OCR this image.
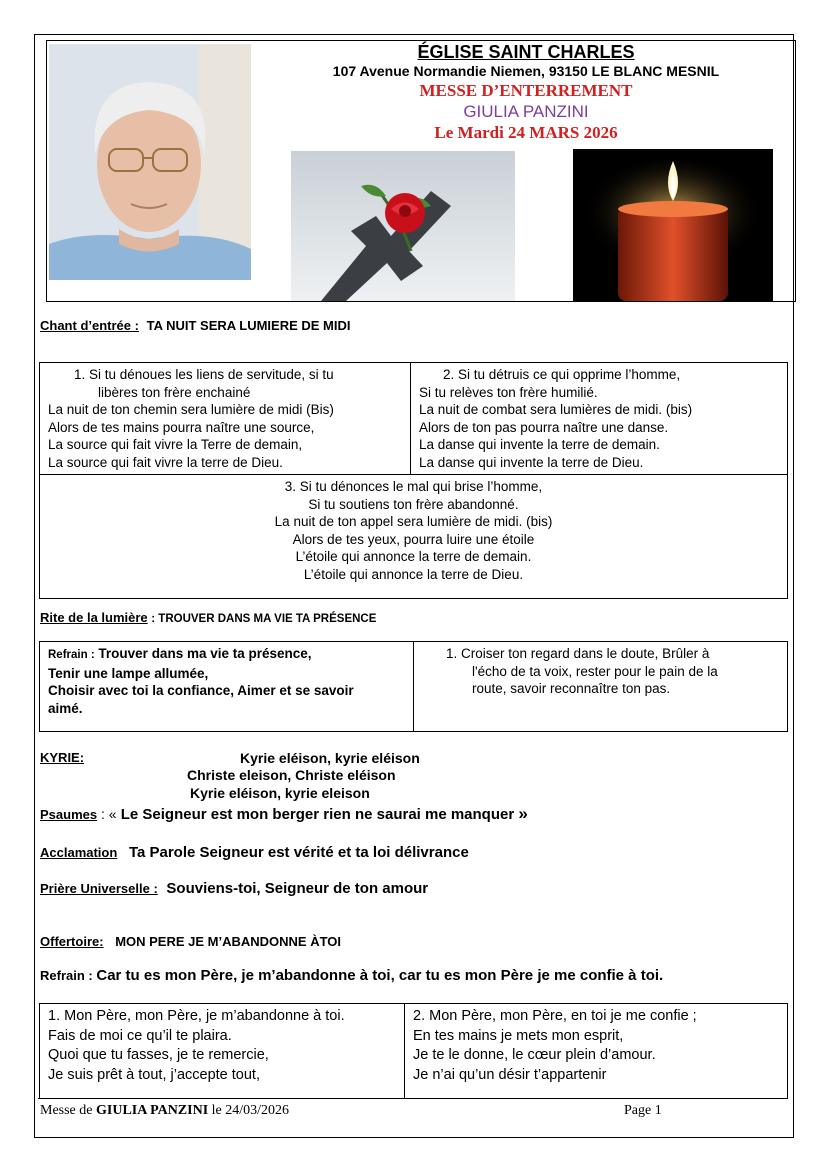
ÉGLISE SAINT CHARLES
107 Avenue Normandie Niemen, 93150 LE BLANC MESNIL
MESSE D’ENTERREMENT
GIULIA PANZINI
Le Mardi 24 MARS 2026
Chant d’entrée : TA NUIT SERA LUMIERE DE MIDI
1. Si tu dénoues les liens de servitude, si tu
libères ton frère enchainé
La nuit de ton chemin sera lumière de midi (Bis)
Alors de tes mains pourra naître une source,
La source qui fait vivre la Terre de demain,
La source qui fait vivre la terre de Dieu.

2. Si tu détruis ce qui opprime l’homme,
Si tu relèves ton frère humilié.
La nuit de combat sera lumières de midi. (bis)
Alors de ton pas pourra naître une danse.
La danse qui invente la terre de demain.
La danse qui invente la terre de Dieu.

3. Si tu dénonces le mal qui brise l’homme,
Si tu soutiens ton frère abandonné.
La nuit de ton appel sera lumière de midi. (bis)
Alors de tes yeux, pourra luire une étoile
L’étoile qui annonce la terre de demain.
L’étoile qui annonce la terre de Dieu.
Rite de la lumière : TROUVER DANS MA VIE TA PRÉSENCE
Refrain : Trouver dans ma vie ta présence,
Tenir une lampe allumée,
Choisir avec toi la confiance, Aimer et se savoir
aimé.

1. Croiser ton regard dans le doute, Brûler à
l'écho de ta voix, rester pour le pain de la
route, savoir reconnaître ton pas.
KYRIE:	Kyrie eléison, kyrie eléison
Christe eleison, Christe eléison
Kyrie eléison, kyrie eleison
Psaumes : « Le Seigneur est mon berger rien ne saurai me manquer »
Acclamation Ta Parole Seigneur est vérité et ta loi délivrance
Prière Universelle : Souviens-toi, Seigneur de ton amour
Offertoire: MON PERE JE M’ABANDONNE ÀTOI
Refrain : Car tu es mon Père, je m’abandonne à toi, car tu es mon Père je me confie à toi.
1. Mon Père, mon Père, je m’abandonne à toi.
Fais de moi ce qu’il te plaira.
Quoi que tu fasses, je te remercie,
Je suis prêt à tout, j’accepte tout,

2. Mon Père, mon Père, en toi je me confie ;
En tes mains je mets mon esprit,
Je te le donne, le cœur plein d’amour.
Je n’ai qu’un désir t’appartenir
Messe de GIULIA PANZINI le 24/03/2026	Page 1
